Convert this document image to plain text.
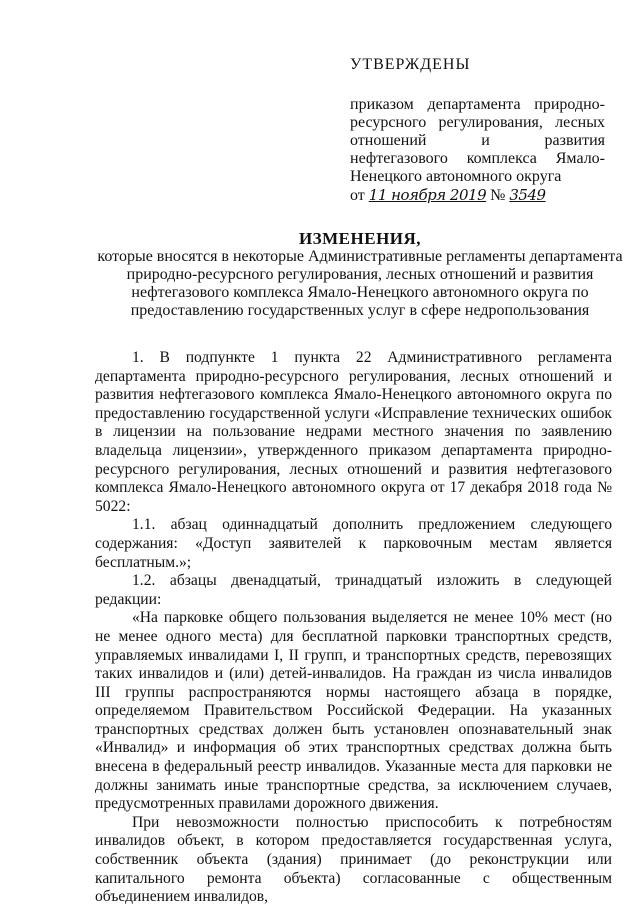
УТВЕРЖДЕНЫ
приказом департамента природно-ресурсного регулирования, лесных отношений и развития нефтегазового комплекса Ямало-Ненецкого автономного округа
от 11 ноября 2019 № 3549
ИЗМЕНЕНИЯ,
которые вносятся в некоторые Административные регламенты департамента природно-ресурсного регулирования, лесных отношений и развития нефтегазового комплекса Ямало-Ненецкого автономного округа по предоставлению государственных услуг в сфере недропользования

1. В подпункте 1 пункта 22 Административного регламента департамента природно-ресурсного регулирования, лесных отношений и развития нефтегазового комплекса Ямало-Ненецкого автономного округа по предоставлению государственной услуги «Исправление технических ошибок в лицензии на пользование недрами местного значения по заявлению владельца лицензии», утвержденного приказом департамента природно-ресурсного регулирования, лесных отношений и развития нефтегазового комплекса Ямало-Ненецкого автономного округа от 17 декабря 2018 года № 5022:

1.1. абзац одиннадцатый дополнить предложением следующего содержания: «Доступ заявителей к парковочным местам является бесплатным.»;

1.2. абзацы двенадцатый, тринадцатый изложить в следующей редакции:

«На парковке общего пользования выделяется не менее 10% мест (но не менее одного места) для бесплатной парковки транспортных средств, управляемых инвалидами I, II групп, и транспортных средств, перевозящих таких инвалидов и (или) детей-инвалидов. На граждан из числа инвалидов III группы распространяются нормы настоящего абзаца в порядке, определяемом Правительством Российской Федерации. На указанных транспортных средствах должен быть установлен опознавательный знак «Инвалид» и информация об этих транспортных средствах должна быть внесена в федеральный реестр инвалидов. Указанные места для парковки не должны занимать иные транспортные средства, за исключением случаев, предусмотренных правилами дорожного движения.

При невозможности полностью приспособить к потребностям инвалидов объект, в котором предоставляется государственная услуга, собственник объекта (здания) принимает (до реконструкции или капитального ремонта объекта) согласованные с общественным объединением инвалидов,
